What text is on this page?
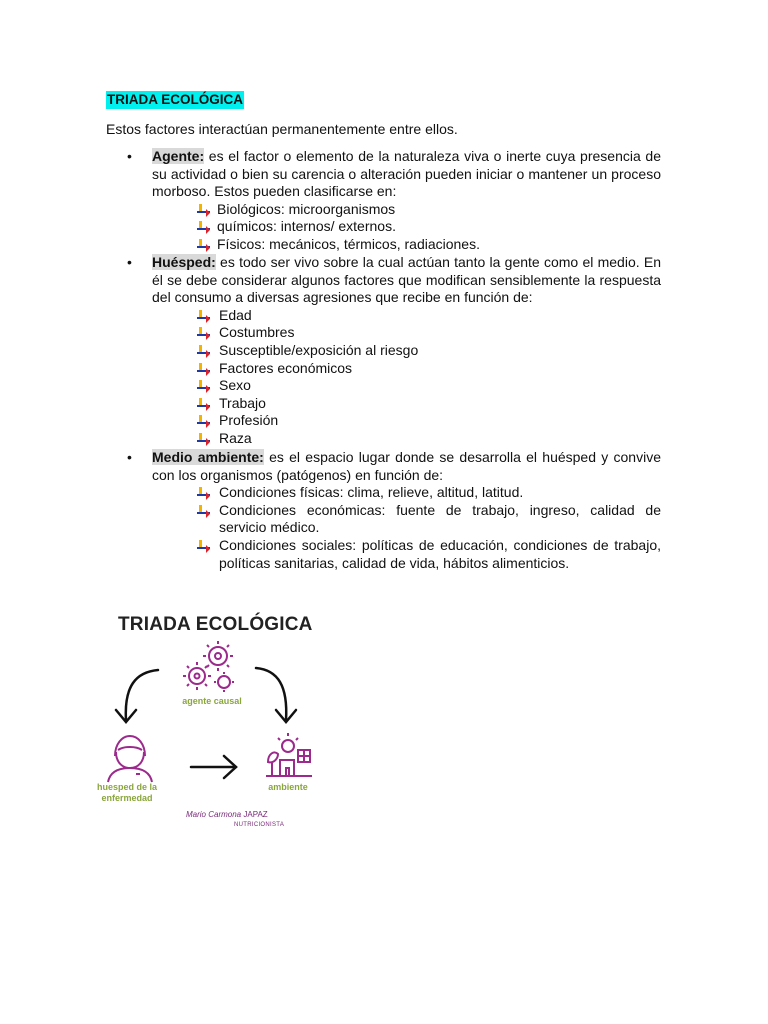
TRIADA ECOLÓGICA
Estos factores interactúan permanentemente entre ellos.
• Agente: es el factor o elemento de la naturaleza viva o inerte cuya presencia de su actividad o bien su carencia o alteración pueden iniciar o mantener un proceso morboso. Estos pueden clasificarse en:
Biológicos: microorganismos
químicos: internos/ externos.
Físicos: mecánicos, térmicos, radiaciones.
• Huésped: es todo ser vivo sobre la cual actúan tanto la gente como el medio. En él se debe considerar algunos factores que modifican sensiblemente la respuesta del consumo a diversas agresiones que recibe en función de:
Edad
Costumbres
Susceptible/exposición al riesgo
Factores económicos
Sexo
Trabajo
Profesión
Raza
• Medio ambiente: es el espacio lugar donde se desarrolla el huésped y convive con los organismos (patógenos) en función de:
Condiciones físicas: clima, relieve, altitud, latitud.
Condiciones económicas: fuente de trabajo, ingreso, calidad de servicio médico.
Condiciones sociales: políticas de educación, condiciones de trabajo, políticas sanitarias, calidad de vida, hábitos alimenticios.
TRIADA ECOLÓGICA
agente causal
huesped de la enfermedad
ambiente
Mario Carmona JAPAZ
NUTRICIONISTA
